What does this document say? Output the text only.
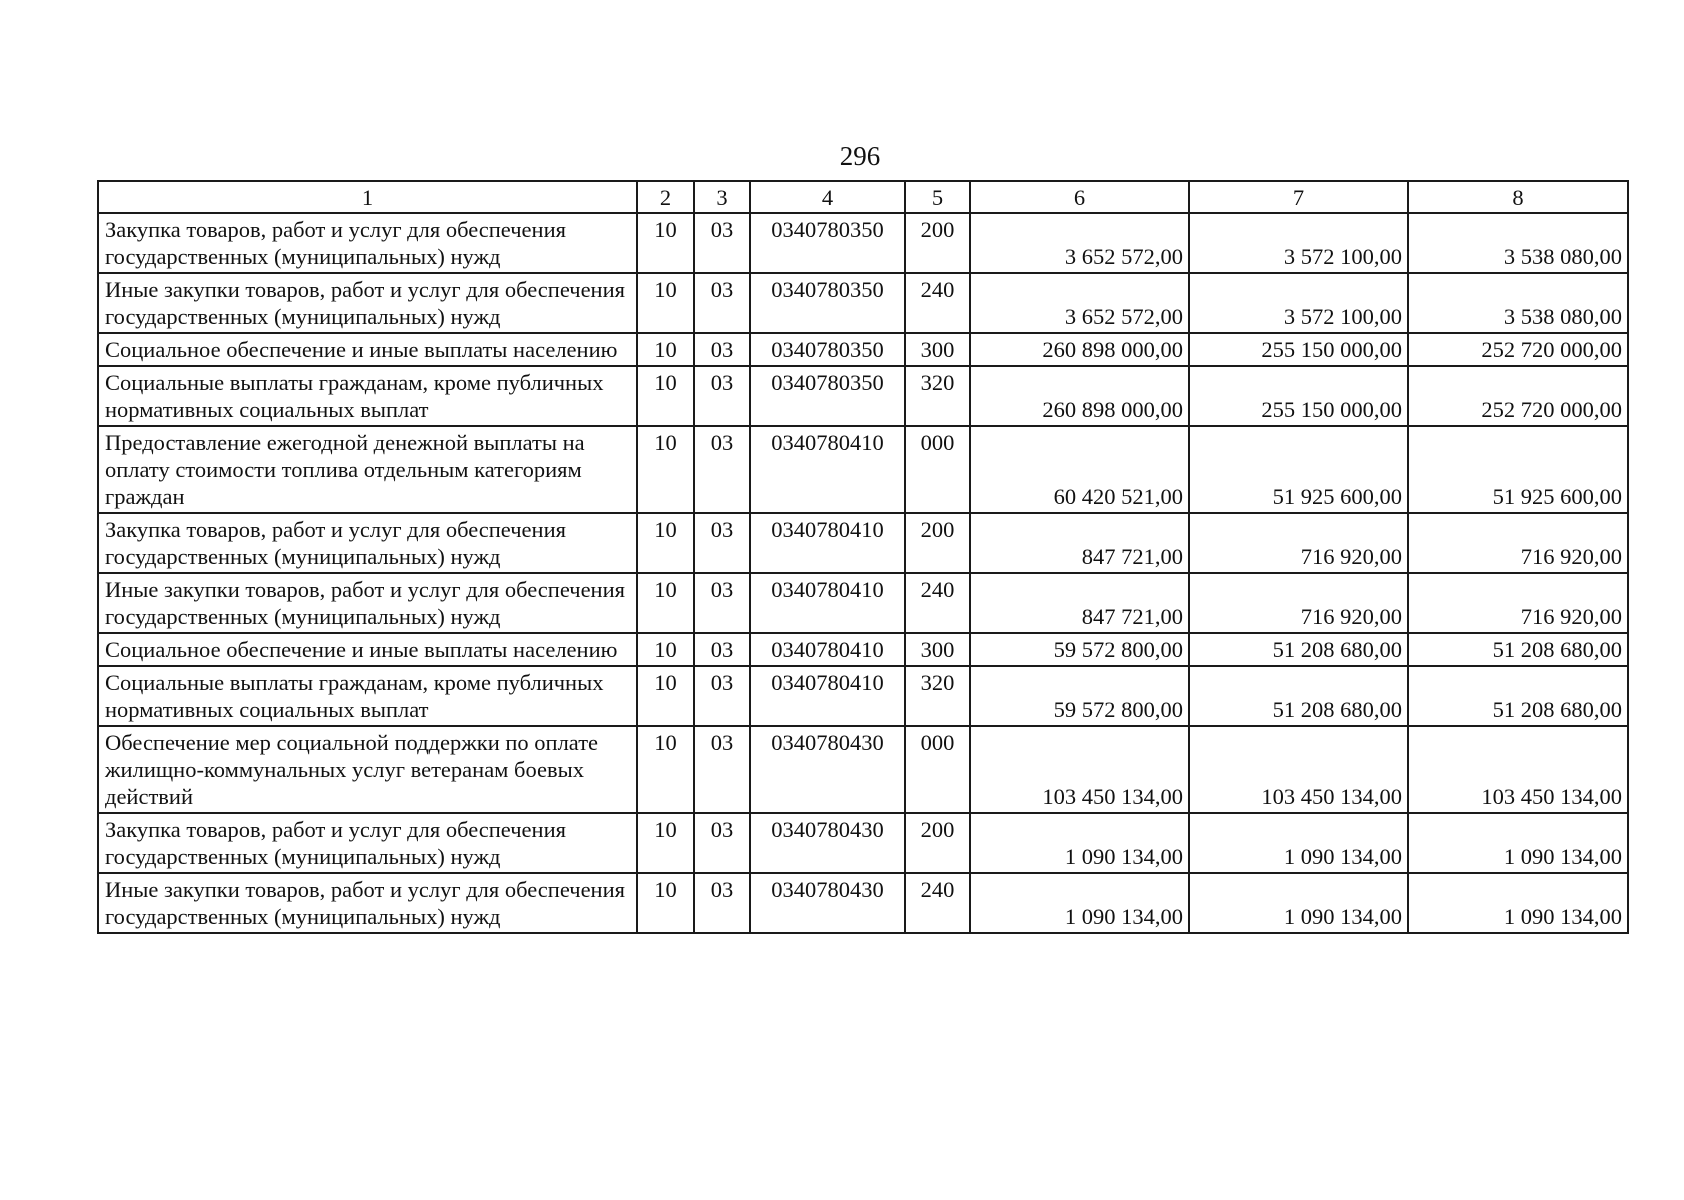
296
1	2	3	4	5	6	7	8
Закупка товаров, работ и услуг для обеспечения государственных (муниципальных) нужд	10	03	0340780350	200	3 652 572,00	3 572 100,00	3 538 080,00
Иные закупки товаров, работ и услуг для обеспечения государственных (муниципальных) нужд	10	03	0340780350	240	3 652 572,00	3 572 100,00	3 538 080,00
Социальное обеспечение и иные выплаты населению	10	03	0340780350	300	260 898 000,00	255 150 000,00	252 720 000,00
Социальные выплаты гражданам, кроме публичных нормативных социальных выплат	10	03	0340780350	320	260 898 000,00	255 150 000,00	252 720 000,00
Предоставление ежегодной денежной выплаты на оплату стоимости топлива отдельным категориям граждан	10	03	0340780410	000	60 420 521,00	51 925 600,00	51 925 600,00
Закупка товаров, работ и услуг для обеспечения государственных (муниципальных) нужд	10	03	0340780410	200	847 721,00	716 920,00	716 920,00
Иные закупки товаров, работ и услуг для обеспечения государственных (муниципальных) нужд	10	03	0340780410	240	847 721,00	716 920,00	716 920,00
Социальное обеспечение и иные выплаты населению	10	03	0340780410	300	59 572 800,00	51 208 680,00	51 208 680,00
Социальные выплаты гражданам, кроме публичных нормативных социальных выплат	10	03	0340780410	320	59 572 800,00	51 208 680,00	51 208 680,00
Обеспечение мер социальной поддержки по оплате жилищно-коммунальных услуг ветеранам боевых действий	10	03	0340780430	000	103 450 134,00	103 450 134,00	103 450 134,00
Закупка товаров, работ и услуг для обеспечения государственных (муниципальных) нужд	10	03	0340780430	200	1 090 134,00	1 090 134,00	1 090 134,00
Иные закупки товаров, работ и услуг для обеспечения государственных (муниципальных) нужд	10	03	0340780430	240	1 090 134,00	1 090 134,00	1 090 134,00
